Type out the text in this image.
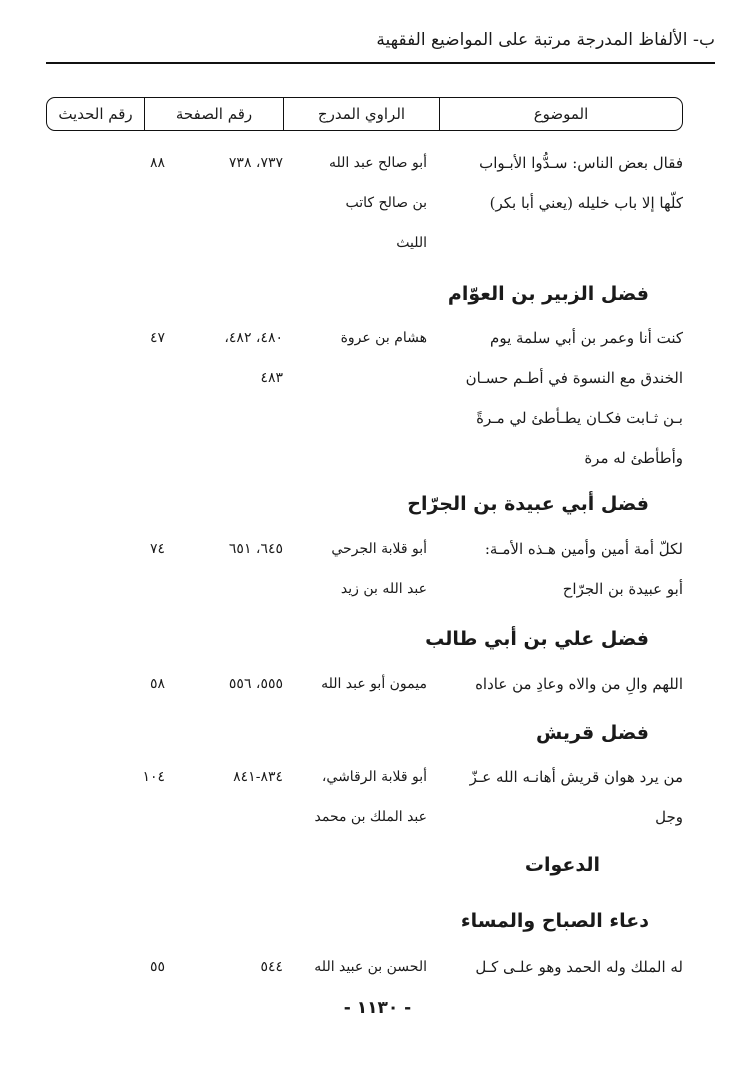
ب- الألفاظ المدرجة مرتبة على المواضيع الفقهية
الموضوع
الراوي المدرج
رقم الصفحة
رقم الحديث
فقال بعض الناس: سـدُّوا الأبـواب
كلّها إلا باب خليله (يعني أبا بكر)
أبو صالح عبد الله
بن صالح كاتب
الليث
٧٣٧، ٧٣٨
٨٨
فضل الزبير بن العوّام
كنت أنا وعمر بن أبي سلمة يوم
الخندق مع النسوة في أطـم حسـان
بـن ثـابت فكـان يطـأطئ لي مـرةً
وأطأطئ له مرة
هشام بن عروة
٤٨٠، ٤٨٢،
٤٨٣
٤٧
فضل أبي عبيدة بن الجرّاح
لكلّ أمة أمين وأمين هـذه الأمـة:
أبو عبيدة بن الجرّاح
أبو قلابة الجرحي
عبد الله بن زيد
٦٤٥، ٦٥١
٧٤
فضل علي بن أبي طالب
اللهم والِ من والاه وعادِ من عاداه
ميمون أبو عبد الله
٥٥٥، ٥٥٦
٥٨
فضل قريش
من يرد هوان قريش أهانـه الله عـزّ
وجل
أبو قلابة الرقاشي،
عبد الملك بن محمد
٨٣٤-٨٤١
١٠٤
الدعوات
دعاء الصباح والمساء
له الملك وله الحمد وهو علـى كـل
الحسن بن عبيد الله
٥٤٤
٥٥
- ١١٣٠ -
